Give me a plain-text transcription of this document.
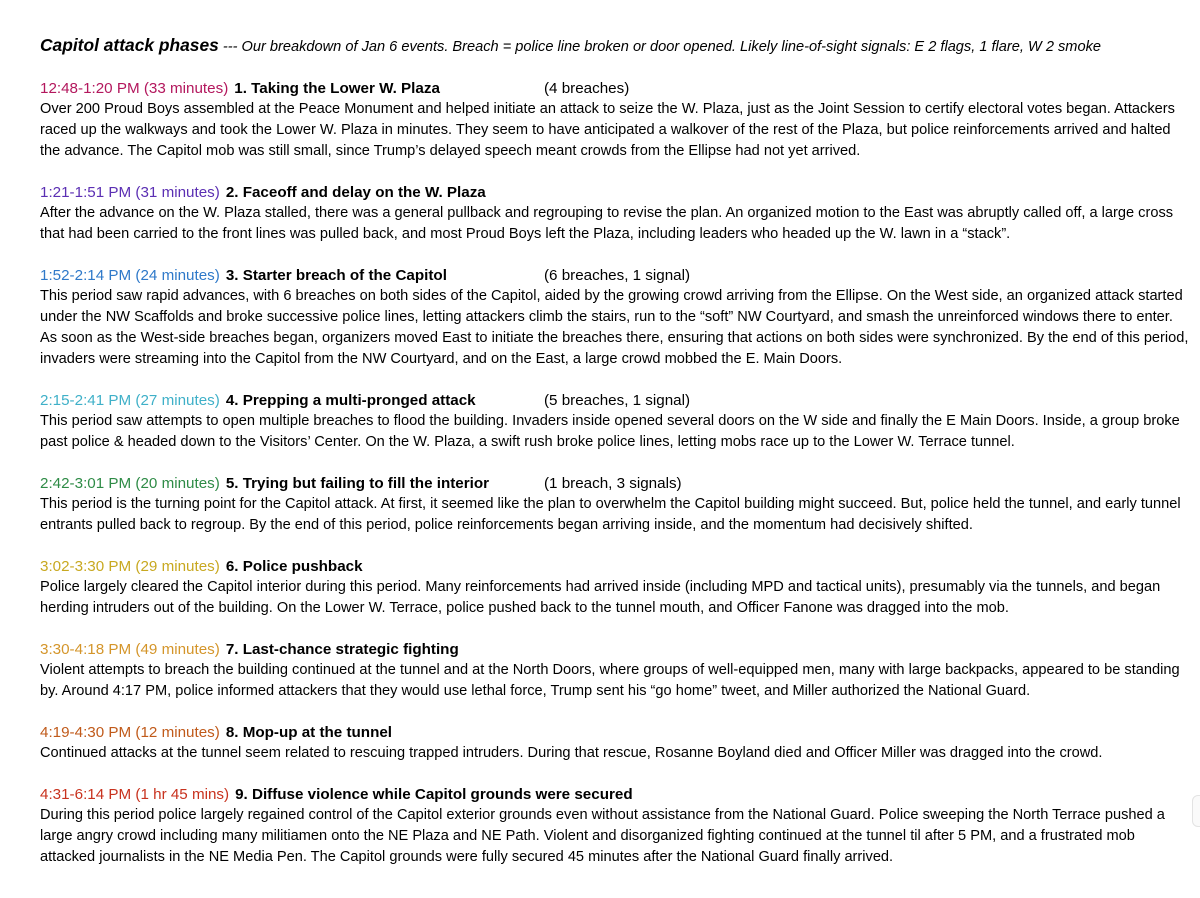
Capitol attack phases --- Our breakdown of Jan 6 events. Breach = police line broken or door opened. Likely line-of-sight signals: E 2 flags, 1 flare, W 2 smoke
12:48-1:20 PM (33 minutes) 1. Taking the Lower W. Plaza	(4 breaches)
Over 200 Proud Boys assembled at the Peace Monument and helped initiate an attack to seize the W. Plaza, just as the Joint Session to certify electoral votes began. Attackers raced up the walkways and took the Lower W. Plaza in minutes. They seem to have anticipated a walkover of the rest of the Plaza, but police reinforcements arrived and halted the advance. The Capitol mob was still small, since Trump’s delayed speech meant crowds from the Ellipse had not yet arrived.
1:21-1:51 PM (31 minutes) 2. Faceoff and delay on the W. Plaza
After the advance on the W. Plaza stalled, there was a general pullback and regrouping to revise the plan. An organized motion to the East was abruptly called off, a large cross that had been carried to the front lines was pulled back, and most Proud Boys left the Plaza, including leaders who headed up the W. lawn in a “stack”.
1:52-2:14 PM (24 minutes) 3. Starter breach of the Capitol	(6 breaches, 1 signal)
This period saw rapid advances, with 6 breaches on both sides of the Capitol, aided by the growing crowd arriving from the Ellipse. On the West side, an organized attack started under the NW Scaffolds and broke successive police lines, letting attackers climb the stairs, run to the “soft” NW Courtyard, and smash the unreinforced windows there to enter. As soon as the West-side breaches began, organizers moved East to initiate the breaches there, ensuring that actions on both sides were synchronized. By the end of this period, invaders were streaming into the Capitol from the NW Courtyard, and on the East, a large crowd mobbed the E. Main Doors.
2:15-2:41 PM (27 minutes) 4. Prepping a multi-pronged attack	(5 breaches, 1 signal)
This period saw attempts to open multiple breaches to flood the building. Invaders inside opened several doors on the W side and finally the E Main Doors. Inside, a group broke past police & headed down to the Visitors’ Center. On the W. Plaza, a swift rush broke police lines, letting mobs race up to the Lower W. Terrace tunnel.
2:42-3:01 PM (20 minutes) 5. Trying but failing to fill the interior	(1 breach, 3 signals)
This period is the turning point for the Capitol attack. At first, it seemed like the plan to overwhelm the Capitol building might succeed. But, police held the tunnel, and early tunnel entrants pulled back to regroup. By the end of this period, police reinforcements began arriving inside, and the momentum had decisively shifted.
3:02-3:30 PM (29 minutes) 6. Police pushback
Police largely cleared the Capitol interior during this period. Many reinforcements had arrived inside (including MPD and tactical units), presumably via the tunnels, and began herding intruders out of the building. On the Lower W. Terrace, police pushed back to the tunnel mouth, and Officer Fanone was dragged into the mob.
3:30-4:18 PM (49 minutes) 7. Last-chance strategic fighting
Violent attempts to breach the building continued at the tunnel and at the North Doors, where groups of well-equipped men, many with large backpacks, appeared to be standing by. Around 4:17 PM, police informed attackers that they would use lethal force, Trump sent his “go home” tweet, and Miller authorized the National Guard.
4:19-4:30 PM (12 minutes) 8. Mop-up at the tunnel
Continued attacks at the tunnel seem related to rescuing trapped intruders. During that rescue, Rosanne Boyland died and Officer Miller was dragged into the crowd.
4:31-6:14 PM (1 hr 45 mins) 9. Diffuse violence while Capitol grounds were secured
During this period police largely regained control of the Capitol exterior grounds even without assistance from the National Guard. Police sweeping the North Terrace pushed a large angry crowd including many militiamen onto the NE Plaza and NE Path. Violent and disorganized fighting continued at the tunnel til after 5 PM, and a frustrated mob attacked journalists in the NE Media Pen. The Capitol grounds were fully secured 45 minutes after the National Guard finally arrived.
